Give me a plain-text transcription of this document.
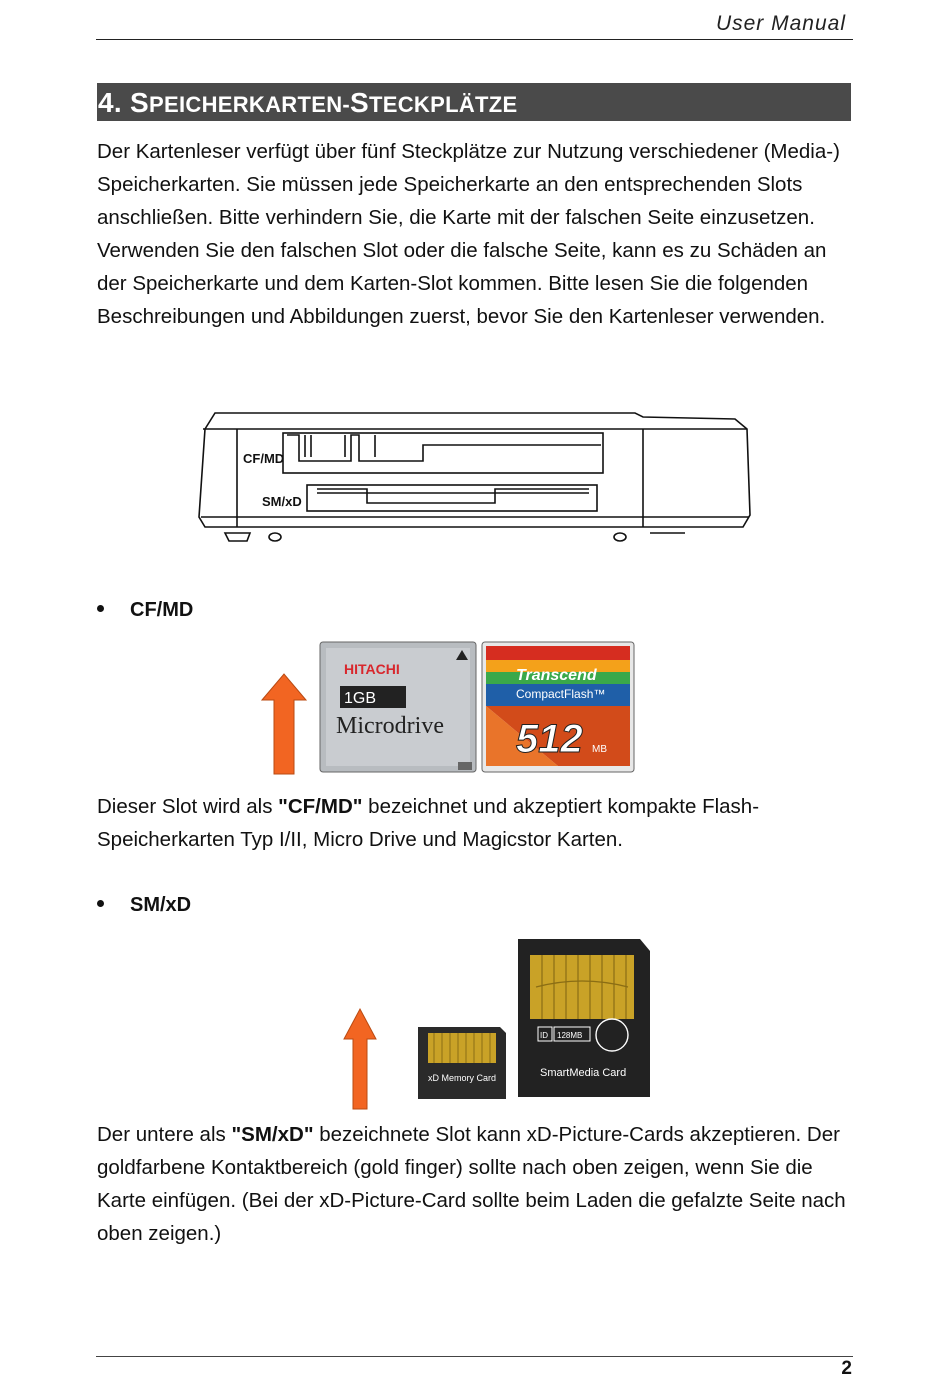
User Manual
4. SPEICHERKARTEN-STECKPLÄTZE
Der Kartenleser verfügt über fünf Steckplätze zur Nutzung verschiedener (Media-) Speicherkarten. Sie müssen jede Speicherkarte an den entsprechenden Slots anschließen. Bitte verhindern Sie, die Karte mit der falschen Seite einzusetzen. Verwenden Sie den falschen Slot oder die falsche Seite, kann es zu Schäden an der Speicherkarte und dem Karten-Slot kommen. Bitte lesen Sie die folgenden Beschreibungen und Abbildungen zuerst, bevor Sie den Kartenleser verwenden.
CF/MD
SM/xD
CF/MD
HITACHI
1GB
Microdrive
Transcend
CompactFlash™
512 MB
Dieser Slot wird als "CF/MD" bezeichnet und akzeptiert kompakte Flash-Speicherkarten Typ I/II, Micro Drive und Magicstor Karten.
SM/xD
xD Memory Card
ID 128MB
SmartMedia Card
Der untere als "SM/xD" bezeichnete Slot kann xD-Picture-Cards akzeptieren. Der goldfarbene Kontaktbereich (gold finger) sollte nach oben zeigen, wenn Sie die Karte einfügen. (Bei der xD-Picture-Card sollte beim Laden die gefalzte Seite nach oben zeigen.)
2
